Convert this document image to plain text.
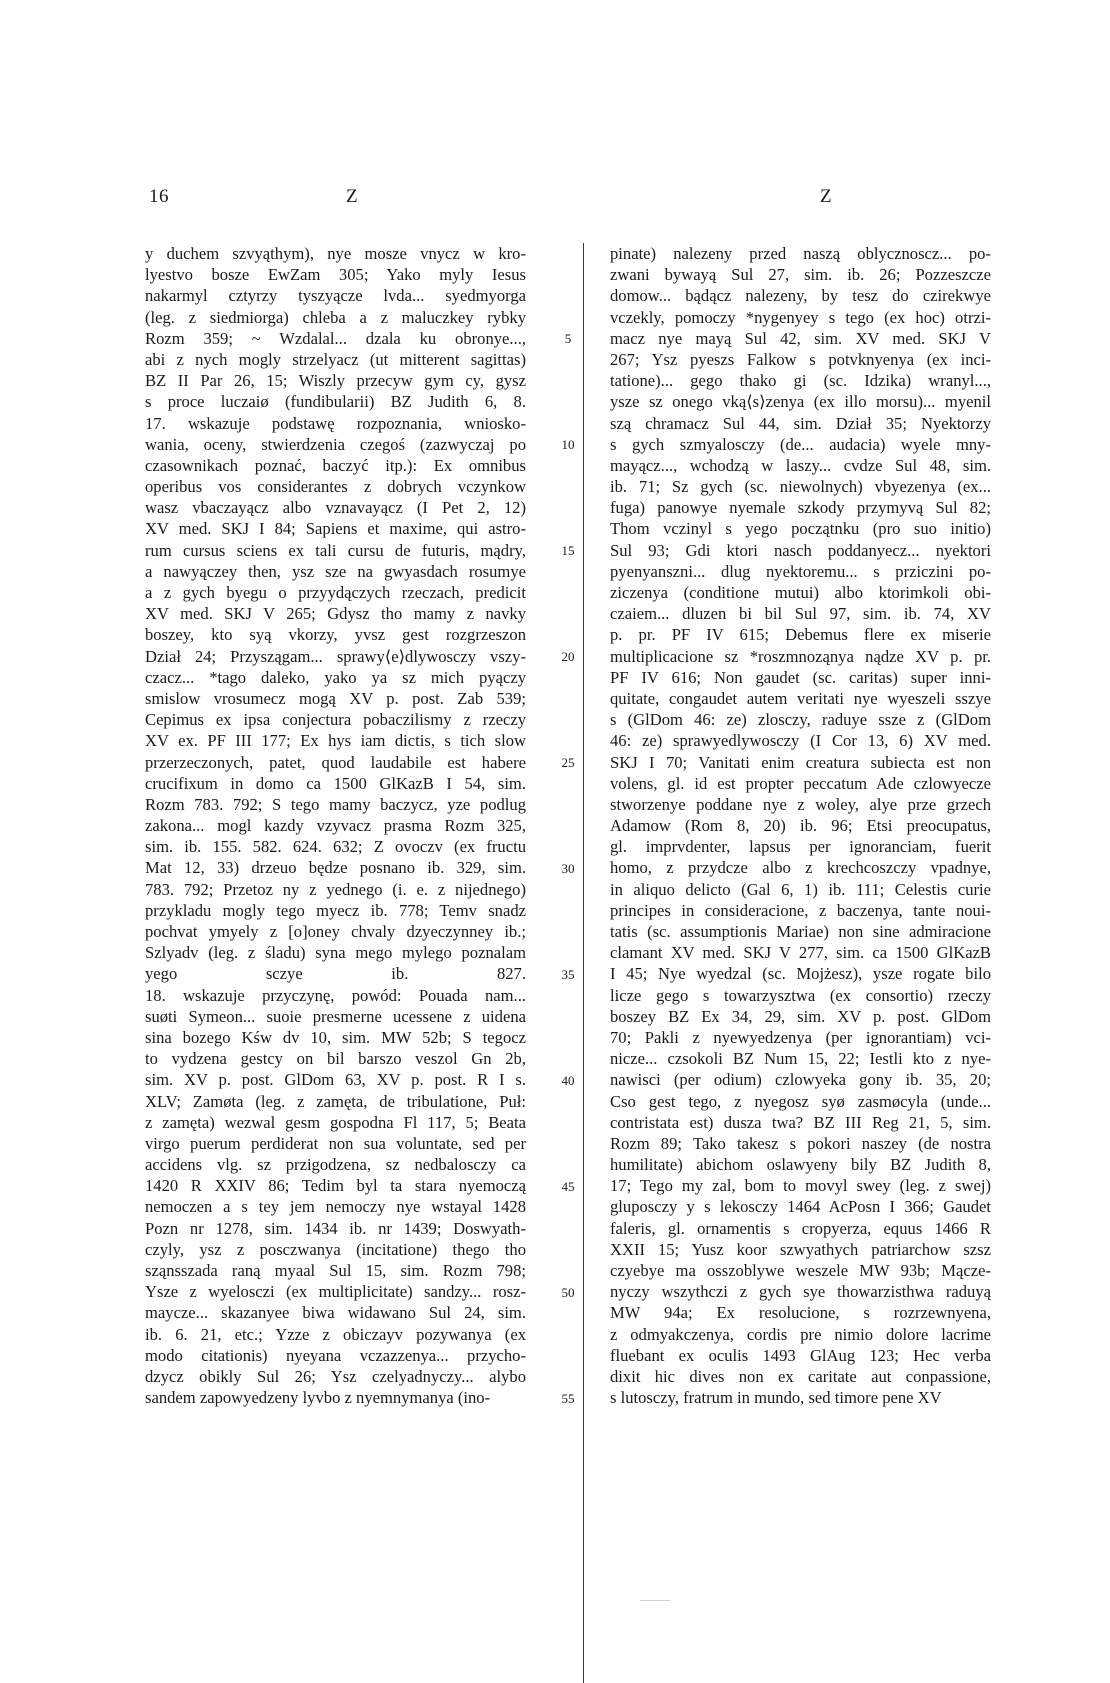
16	Z	Z
y duchem szvyąthym), nye mosze vnycz w kro-
lyestvo bosze EwZam 305; Yako myly Iesus
nakarmyl cztyrzy tyszyącze lvda... syedmyorga
(leg. z siedmiorga) chleba a z maluczkey rybky
Rozm 359; ~ Wzdalal... dzala ku obronye...,
abi z nych mogly strzelyacz (ut mitterent sagittas)
BZ II Par 26, 15; Wiszly przecyw gym cy, gysz
s proce luczaiø (fundibularii) BZ Judith 6, 8.
17. wskazuje podstawę rozpoznania, wniosko-
wania, oceny, stwierdzenia czegoś (zazwyczaj po
czasownikach poznać, baczyć itp.): Ex omnibus
operibus vos considerantes z dobrych vczynkow
wasz vbaczayącz albo vznavayącz (I Pet 2, 12)
XV med. SKJ I 84; Sapiens et maxime, qui astro-
rum cursus sciens ex tali cursu de futuris, mądry,
a nawyączey then, ysz sze na gwyasdach rosumye
a z gych byegu o przyydączych rzeczach, predicit
XV med. SKJ V 265; Gdysz tho mamy z navky
boszey, kto syą vkorzy, yvsz gest rozgrzeszon
Dział 24; Przyszągam... sprawy⟨e⟩dlywosczy vszy-
czacz... *tago daleko, yako ya sz mich pyączy
smislow vrosumecz mogą XV p. post. Zab 539;
Cepimus ex ipsa conjectura pobaczilismy z rzeczy
XV ex. PF III 177; Ex hys iam dictis, s tich slow
przerzeczonych, patet, quod laudabile est habere
crucifixum in domo ca 1500 GlKazB I 54, sim.
Rozm 783. 792; S tego mamy baczycz, yze podlug
zakona... mogl kazdy vzyvacz prasma Rozm 325,
sim. ib. 155. 582. 624. 632; Z ovoczv (ex fructu
Mat 12, 33) drzeuo będze posnano ib. 329, sim.
783. 792; Przetoz ny z yednego (i. e. z nijednego)
przykladu mogly tego myecz ib. 778; Temv snadz
pochvat ymyely z [o]oney chvaly dzyeczynney ib.;
Szlyadv (leg. z śladu) syna mego mylego poznalam
yego sczye ib. 827.
18. wskazuje przyczynę, powód: Pouada nam...
suøti Symeon... suoie presmerne ucessene z uidena
sina bozego Kśw dv 10, sim. MW 52b; S tegocz
to vydzena gestcy on bil barszo veszol Gn 2b,
sim. XV p. post. GlDom 63, XV p. post. R I s.
XLV; Zamøta (leg. z zamęta, de tribulatione, Puł:
z zamęta) wezwal gesm gospodna Fl 117, 5; Beata
virgo puerum perdiderat non sua voluntate, sed per
accidens vlg. sz przigodzena, sz nedbalosczy ca
1420 R XXIV 86; Tedim byl ta stara nyemoczą
nemoczen a s tey jem nemoczy nye wstayal 1428
Pozn nr 1278, sim. 1434 ib. nr 1439; Doswyath-
czyly, ysz z posczwanya (incitatione) thego tho
sząnsszada raną myaal Sul 15, sim. Rozm 798;
Ysze z wyelosczi (ex multiplicitate) sandzy... rosz-
maycze... skazanyee biwa widawano Sul 24, sim.
ib. 6. 21, etc.; Yzze z obiczayv pozywanya (ex
modo citationis) nyeyana vczazzenya... przycho-
dzycz obikly Sul 26; Ysz czelyadnyczy... alybo
sandem zapowyedzeny lyvbo z nyemnymanya (ino-
5
10
15
20
25
30
35
40
45
50
55
pinate) nalezeny przed naszą oblycznoscz... po-
zwani bywayą Sul 27, sim. ib. 26; Pozzeszcze
domow... bądącz nalezeny, by tesz do czirekwye
vczekly, pomoczy *nygenyey s tego (ex hoc) otrzi-
macz nye mayą Sul 42, sim. XV med. SKJ V
267; Ysz pyeszs Falkow s potvknyenya (ex inci-
tatione)... gego thako gi (sc. Idzika) wranyl...,
ysze sz onego vką⟨s⟩zenya (ex illo morsu)... myenil
szą chramacz Sul 44, sim. Dział 35; Nyektorzy
s gych szmyalosczy (de... audacia) wyele mny-
mayącz..., wchodzą w laszy... cvdze Sul 48, sim.
ib. 71; Sz gych (sc. niewolnych) vbyezenya (ex...
fuga) panowye nyemale szkody przymyvą Sul 82;
Thom vczinyl s yego początnku (pro suo initio)
Sul 93; Gdi ktori nasch poddanyecz... nyektori
pyenyanszni... dlug nyektoremu... s prziczini po-
ziczenya (conditione mutui) albo ktorimkoli obi-
czaiem... dluzen bi bil Sul 97, sim. ib. 74, XV
p. pr. PF IV 615; Debemus flere ex miserie
multiplicacione sz *roszmnoząnya nądze XV p. pr.
PF IV 616; Non gaudet (sc. caritas) super inni-
quitate, congaudet autem veritati nye wyeszeli sszye
s (GlDom 46: ze) zlosczy, raduye ssze z (GlDom
46: ze) sprawyedlywosczy (I Cor 13, 6) XV med.
SKJ I 70; Vanitati enim creatura subiecta est non
volens, gl. id est propter peccatum Ade czlowyecze
stworzenye poddane nye z woley, alye prze grzech
Adamow (Rom 8, 20) ib. 96; Etsi preocupatus,
gl. imprvdenter, lapsus per ignoranciam, fuerit
homo, z przydcze albo z krechcoszczy vpadnye,
in aliquo delicto (Gal 6, 1) ib. 111; Celestis curie
principes in consideracione, z baczenya, tante noui-
tatis (sc. assumptionis Mariae) non sine admiracione
clamant XV med. SKJ V 277, sim. ca 1500 GlKazB
I 45; Nye wyedzal (sc. Mojżesz), ysze rogate bilo
licze gego s towarzysztwa (ex consortio) rzeczy
boszey BZ Ex 34, 29, sim. XV p. post. GlDom
70; Pakli z nyewyedzenya (per ignorantiam) vci-
nicze... czsokoli BZ Num 15, 22; Iestli kto z nye-
nawisci (per odium) czlowyeka gony ib. 35, 20;
Cso gest tego, z nyegosz syø zasmøcyla (unde...
contristata est) dusza twa? BZ III Reg 21, 5, sim.
Rozm 89; Tako takesz s pokori naszey (de nostra
humilitate) abichom oslawyeny bily BZ Judith 8,
17; Tego my zal, bom to movyl swey (leg. z swej)
gluposczy y s lekosczy 1464 AcPosn I 366; Gaudet
faleris, gl. ornamentis s cropyerza, equus 1466 R
XXII 15; Yusz koor szwyathych patriarchow szsz
czyebye ma osszoblywe weszele MW 93b; Mącze-
nyczy wszythczi z gych sye thowarzisthwa raduyą
MW 94a; Ex resolucione, s rozrzewnyena,
z odmyakczenya, cordis pre nimio dolore lacrime
fluebant ex oculis 1493 GlAug 123; Hec verba
dixit hic dives non ex caritate aut conpassione,
s lutosczy, fratrum in mundo, sed timore pene XV
